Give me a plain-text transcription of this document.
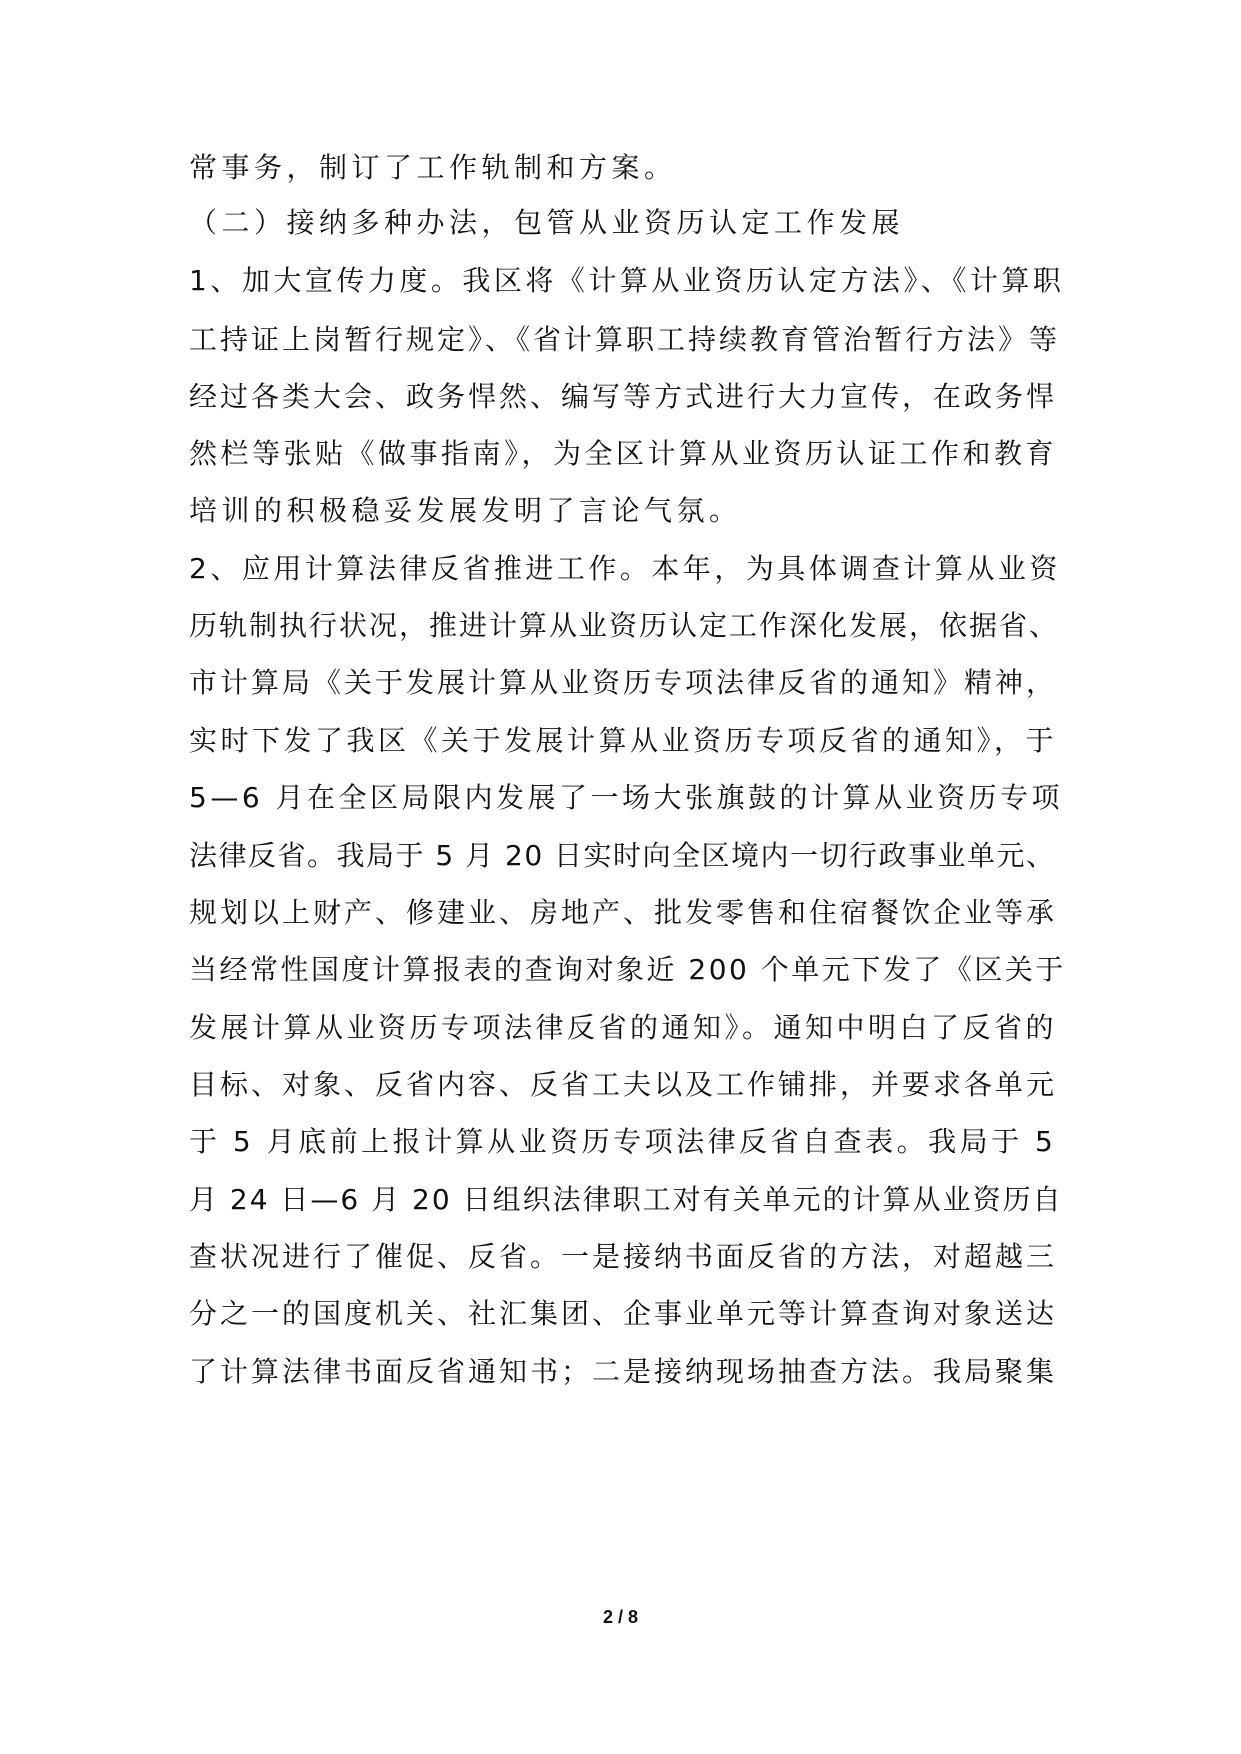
常事务，制订了工作轨制和方案。
（二）接纳多种办法，包管从业资历认定工作发展
1、加大宣传力度。我区将《计算从业资历认定方法》、《计算职
工持证上岗暂行规定》、《省计算职工持续教育管治暂行方法》等
经过各类大会、政务悍然、编写等方式进行大力宣传，在政务悍
然栏等张贴《做事指南》，为全区计算从业资历认证工作和教育
培训的积极稳妥发展发明了言论气氛。
2、应用计算法律反省推进工作。本年，为具体调查计算从业资
历轨制执行状况，推进计算从业资历认定工作深化发展，依据省、
市计算局《关于发展计算从业资历专项法律反省的通知》精神，
实时下发了我区《关于发展计算从业资历专项反省的通知》，于
5—6 月在全区局限内发展了一场大张旗鼓的计算从业资历专项
法律反省。我局于 5 月 20 日实时向全区境内一切行政事业单元、
规划以上财产、修建业、房地产、批发零售和住宿餐饮企业等承
当经常性国度计算报表的查询对象近 200 个单元下发了《区关于
发展计算从业资历专项法律反省的通知》。通知中明白了反省的
目标、对象、反省内容、反省工夫以及工作铺排，并要求各单元
于 5 月底前上报计算从业资历专项法律反省自查表。我局于 5
月 24 日—6 月 20 日组织法律职工对有关单元的计算从业资历自
查状况进行了催促、反省。一是接纳书面反省的方法，对超越三
分之一的国度机关、社汇集团、企事业单元等计算查询对象送达
了计算法律书面反省通知书；二是接纳现场抽查方法。我局聚集
2 / 8
